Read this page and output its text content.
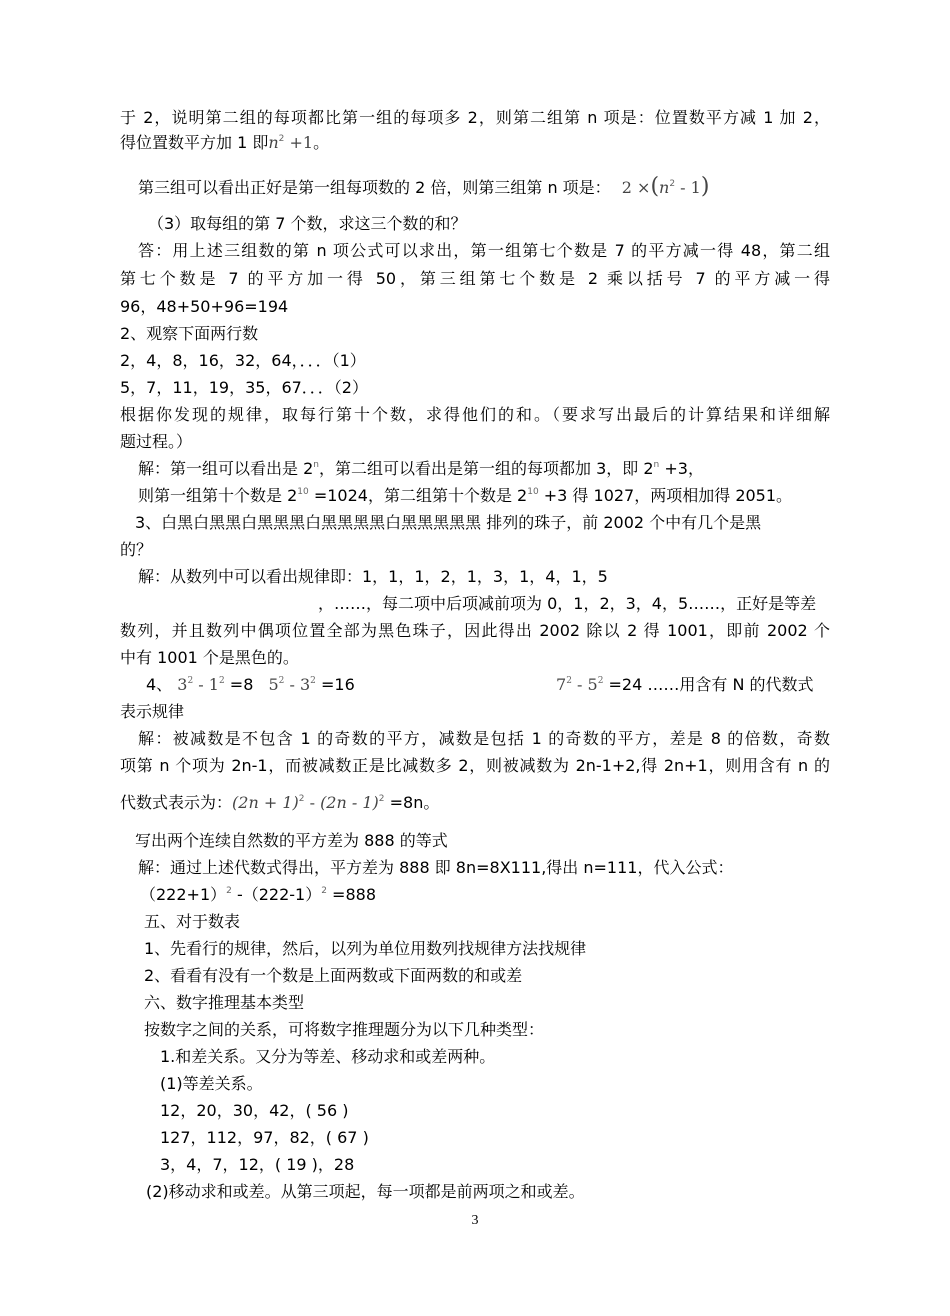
于 2，说明第二组的每项都比第一组的每项多 2，则第二组第 n 项是：位置数平方减 1 加 2，
得位置数平方加 1 即$n^2 +1$。
第三组可以看出正好是第一组每项数的 2 倍，则第三组第 n 项是： $2 \times(n^2 - 1)$
（3）取每组的第 7 个数，求这三个数的和？
答：用上述三组数的第 n 项公式可以求出，第一组第七个数是 7 的平方减一得 48，第二组
第七个数是 7 的平方加一得 50，第三组第七个数是 2 乘以括号 7 的平方减一得
96，48+50+96=194
2、观察下面两行数
2，4，8，16，32，64，．．．（1）
5，7，11，19，35，67．．．（2）
根据你发现的规律，取每行第十个数，求得他们的和。（要求写出最后的计算结果和详细解
题过程。）
解：第一组可以看出是 2$^n$，第二组可以看出是第一组的每项都加 3，即 $2^n +3$，
则第一组第十个数是 $2^{10} =1024$，第二组第十个数是 $2^{10} +3$ 得 1027，两项相加得 2051。
3、白黑白黑黑白黑黑黑白黑黑黑黑白黑黑黑黑黑 排列的珠子，前 2002 个中有几个是黑
的？
解：从数列中可以看出规律即：1，1，1，2，1，3，1，4，1，5
，……，每二项中后项减前项为 0，1，2，3，4，5……，正好是等差
数列，并且数列中偶项位置全部为黑色珠子，因此得出 2002 除以 2 得 1001，即前 2002 个
中有 1001 个是黑色的。
4、 $3^2 - 1^2 =8$ $5^2 - 3^2 =16$	$7^2 - 5^2 =24$ ……用含有 N 的代数式
表示规律
解：被减数是不包含 1 的奇数的平方，减数是包括 1 的奇数的平方，差是 8 的倍数，奇数
项第 n 个项为 2n-1，而被减数正是比减数多 2，则被减数为 2n-1+2,得 2n+1，则用含有 n 的
代数式表示为：$(2n + 1)^2 - (2n - 1)^2 =8n$。
写出两个连续自然数的平方差为 888 的等式
解：通过上述代数式得出，平方差为 888 即 8n=8X111,得出 n=111，代入公式：
$(222+1)^2$ $-(222-1)^2 =888$
五、对于数表
1、先看行的规律，然后，以列为单位用数列找规律方法找规律
2、看看有没有一个数是上面两数或下面两数的和或差
六、数字推理基本类型
按数字之间的关系，可将数字推理题分为以下几种类型：
1.和差关系。又分为等差、移动求和或差两种。
(1)等差关系。
12，20，30，42，( 56 )
127，112，97，82，( 67 )
3，4，7，12，( 19 )，28
(2)移动求和或差。从第三项起，每一项都是前两项之和或差。
3
